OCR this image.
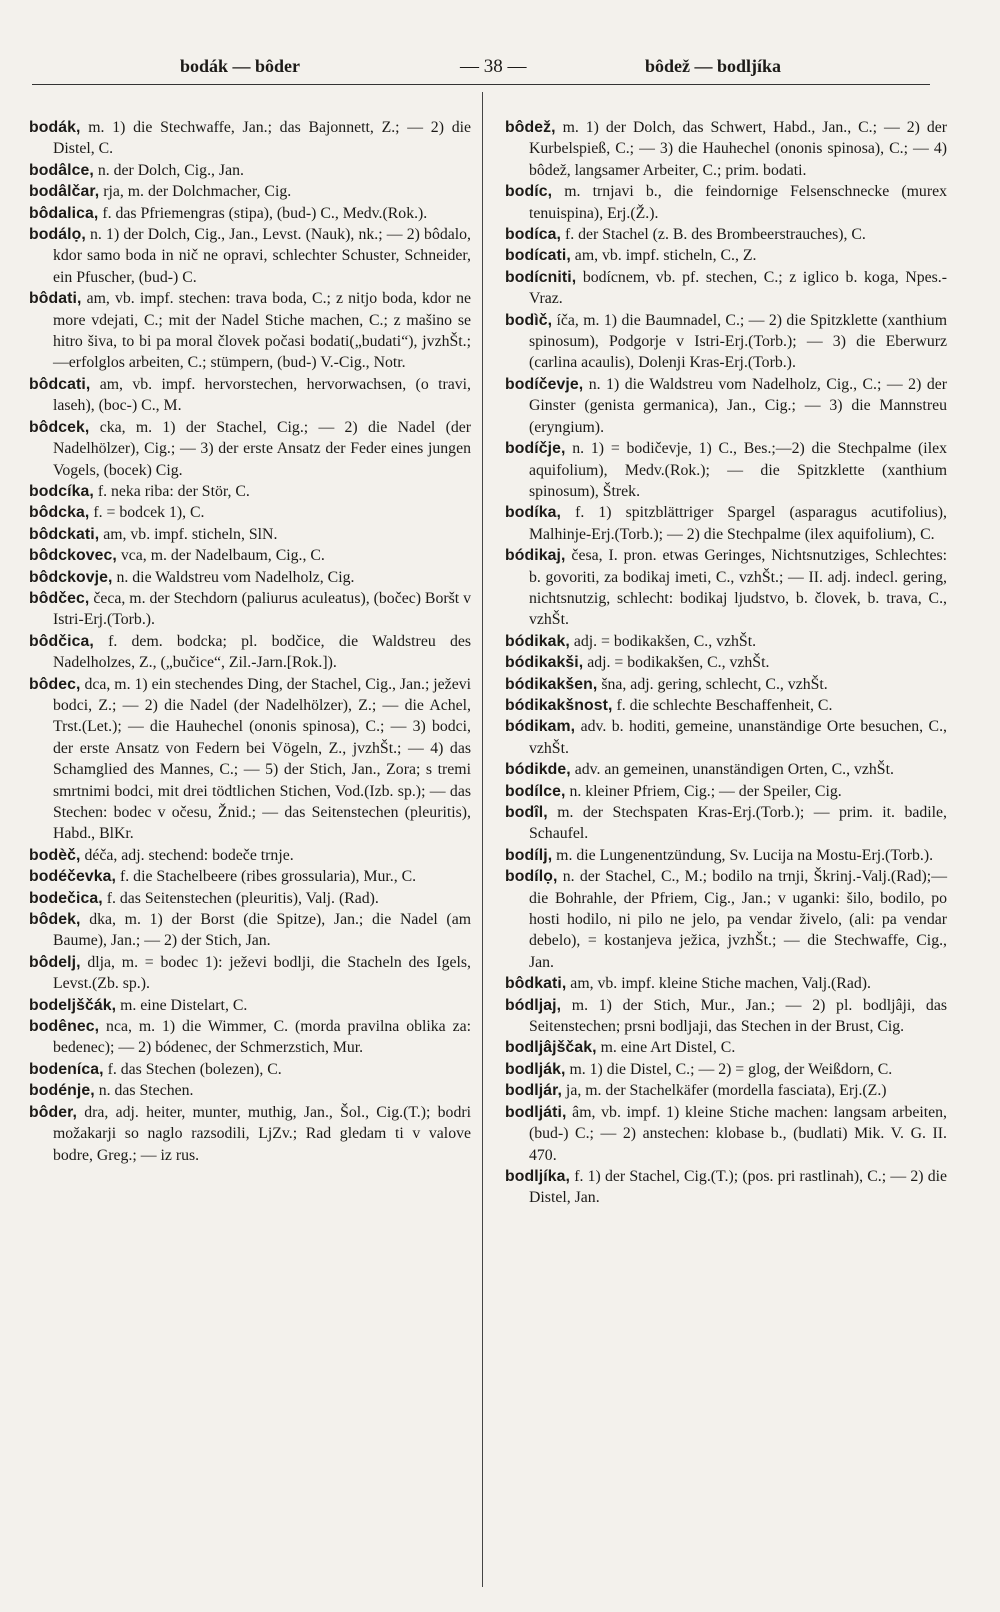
bodák — bôder	— 38 —	bôdež — bodljíka

bodák, m. 1) die Stechwaffe, Jan.; das Bajonnett, Z.; — 2) die Distel, C.

bodâlce, n. der Dolch, Cig., Jan.

bodâlčar, rja, m. der Dolchmacher, Cig.

bôdalica, f. das Pfriemengras (stipa), (bud-) C., Medv.(Rok.).

bodálọ, n. 1) der Dolch, Cig., Jan., Levst. (Nauk), nk.; — 2) bôdalo, kdor samo boda in nič ne opravi, schlechter Schuster, Schneider, ein Pfuscher, (bud-) C.

bôdati, am, vb. impf. stechen: trava boda, C.; z nitjo boda, kdor ne more vdejati, C.; mit der Nadel Stiche machen, C.; z mašino se hitro šiva, to bi pa moral človek počasi bodati(„budati“), jvzhŠt.;—erfolglos arbeiten, C.; stümpern, (bud-) V.-Cig., Notr.

bôdcati, am, vb. impf. hervorstechen, hervorwachsen, (o travi, laseh), (boc-) C., M.

bôdcek, cka, m. 1) der Stachel, Cig.; — 2) die Nadel (der Nadelhölzer), Cig.; — 3) der erste Ansatz der Feder eines jungen Vogels, (bocek) Cig.

bodcíka, f. neka riba: der Stör, C.

bôdcka, f. = bodcek 1), C.

bôdckati, am, vb. impf. sticheln, SlN.

bôdckovec, vca, m. der Nadelbaum, Cig., C.

bôdckovje, n. die Waldstreu vom Nadelholz, Cig.

bôdčec, čeca, m. der Stechdorn (paliurus aculeatus), (bočec) Boršt v Istri-Erj.(Torb.).

bôdčica, f. dem. bodcka; pl. bodčice, die Waldstreu des Nadelholzes, Z., („bučice“, Zil.-Jarn.[Rok.]).

bôdec, dca, m. 1) ein stechendes Ding, der Stachel, Cig., Jan.; ježevi bodci, Z.; — 2) die Nadel (der Nadelhölzer), Z.; — die Achel, Trst.(Let.); — die Hauhechel (ononis spinosa), C.; — 3) bodci, der erste Ansatz von Federn bei Vögeln, Z., jvzhŠt.; — 4) das Schamglied des Mannes, C.; — 5) der Stich, Jan., Zora; s tremi smrtnimi bodci, mit drei tödtlichen Stichen, Vod.(Izb. sp.); — das Stechen: bodec v očesu, Žnid.; — das Seitenstechen (pleuritis), Habd., BlKr.

bodèč, déča, adj. stechend: bodeče trnje.

bodéčevka, f. die Stachelbeere (ribes grossularia), Mur., C.

bodečica, f. das Seitenstechen (pleuritis), Valj. (Rad).

bôdek, dka, m. 1) der Borst (die Spitze), Jan.; die Nadel (am Baume), Jan.; — 2) der Stich, Jan.

bôdelj, dlja, m. = bodec 1): ježevi bodlji, die Stacheln des Igels, Levst.(Zb. sp.).

bodeljščák, m. eine Distelart, C.

bodênec, nca, m. 1) die Wimmer, C. (morda pravilna oblika za: bedenec); — 2) bódenec, der Schmerzstich, Mur.

bodeníca, f. das Stechen (bolezen), C.

bodénje, n. das Stechen.

bôder, dra, adj. heiter, munter, muthig, Jan., Šol., Cig.(T.); bodri možakarji so naglo razsodili, LjZv.; Rad gledam ti v valove bodre, Greg.; — iz rus.

bôdež, m. 1) der Dolch, das Schwert, Habd., Jan., C.; — 2) der Kurbelspieß, C.; — 3) die Hauhechel (ononis spinosa), C.; — 4) bôdež, langsamer Arbeiter, C.; prim. bodati.

bodíc, m. trnjavi b., die feindornige Felsenschnecke (murex tenuispina), Erj.(Ž.).

bodíca, f. der Stachel (z. B. des Brombeerstrauches), C.

bodícati, am, vb. impf. sticheln, C., Z.

bodícniti, bodícnem, vb. pf. stechen, C.; z iglico b. koga, Npes.-Vraz.

bodìč, íča, m. 1) die Baumnadel, C.; — 2) die Spitzklette (xanthium spinosum), Podgorje v Istri-Erj.(Torb.); — 3) die Eberwurz (carlina acaulis), Dolenji Kras-Erj.(Torb.).

bodíčevje, n. 1) die Waldstreu vom Nadelholz, Cig., C.; — 2) der Ginster (genista germanica), Jan., Cig.; — 3) die Mannstreu (eryngium).

bodíčje, n. 1) = bodičevje, 1) C., Bes.;—2) die Stechpalme (ilex aquifolium), Medv.(Rok.); — die Spitzklette (xanthium spinosum), Štrek.

bodíka, f. 1) spitzblättriger Spargel (asparagus acutifolius), Malhinje-Erj.(Torb.); — 2) die Stechpalme (ilex aquifolium), C.

bódikaj, česa, I. pron. etwas Geringes, Nichtsnutziges, Schlechtes: b. govoriti, za bodikaj imeti, C., vzhŠt.; — II. adj. indecl. gering, nichtsnutzig, schlecht: bodikaj ljudstvo, b. človek, b. trava, C., vzhŠt.

bódikak, adj. = bodikakšen, C., vzhŠt.

bódikakši, adj. = bodikakšen, C., vzhŠt.

bódikakšen, šna, adj. gering, schlecht, C., vzhŠt.

bódikakšnost, f. die schlechte Beschaffenheit, C.

bódikam, adv. b. hoditi, gemeine, unanständige Orte besuchen, C., vzhŠt.

bódikde, adv. an gemeinen, unanständigen Orten, C., vzhŠt.

bodílce, n. kleiner Pfriem, Cig.; — der Speiler, Cig.

bodîl, m. der Stechspaten Kras-Erj.(Torb.); — prim. it. badile, Schaufel.

bodílj, m. die Lungenentzündung, Sv. Lucija na Mostu-Erj.(Torb.).

bodílọ, n. der Stachel, C., M.; bodilo na trnji, Škrinj.-Valj.(Rad);—die Bohrahle, der Pfriem, Cig., Jan.; v uganki: šilo, bodilo, po hosti hodilo, ni pilo ne jelo, pa vendar živelo, (ali: pa vendar debelo), = kostanjeva ježica, jvzhŠt.; — die Stechwaffe, Cig., Jan.

bôdkati, am, vb. impf. kleine Stiche machen, Valj.(Rad).

bódljaj, m. 1) der Stich, Mur., Jan.; — 2) pl. bodljâji, das Seitenstechen; prsni bodljaji, das Stechen in der Brust, Cig.

bodljâjščak, m. eine Art Distel, C.

bodlják, m. 1) die Distel, C.; — 2) = glog, der Weißdorn, C.

bodljár, ja, m. der Stachelkäfer (mordella fasciata), Erj.(Z.)

bodljáti, âm, vb. impf. 1) kleine Stiche machen: langsam arbeiten, (bud-) C.; — 2) anstechen: klobase b., (budlati) Mik. V. G. II. 470.

bodljíka, f. 1) der Stachel, Cig.(T.); (pos. pri rastlinah), C.; — 2) die Distel, Jan.
